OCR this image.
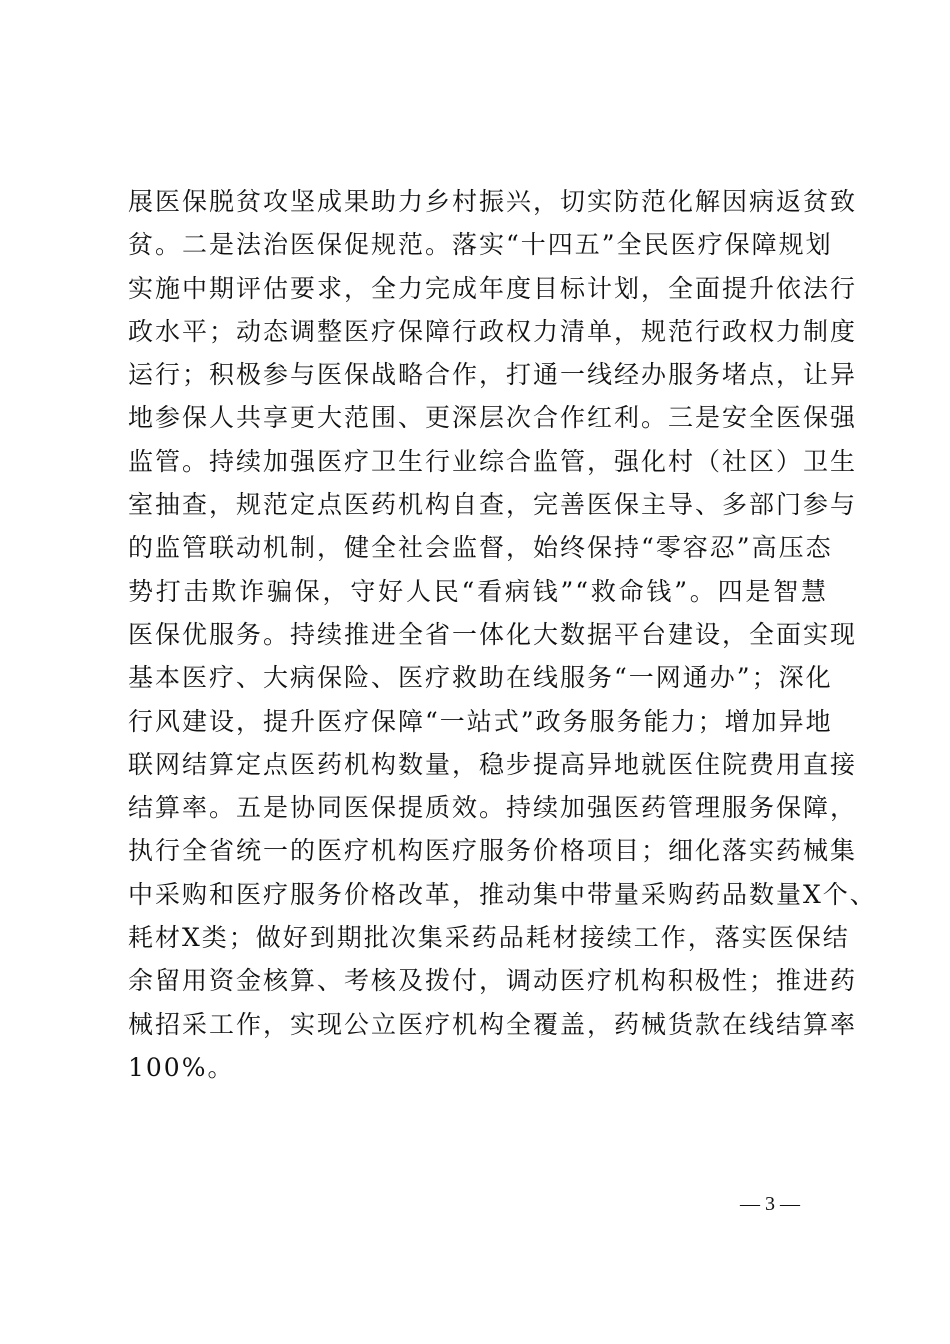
展医保脱贫攻坚成果助力乡村振兴，切实防范化解因病返贫致
贫。二是法治医保促规范。落实“十四五”全民医疗保障规划
实施中期评估要求，全力完成年度目标计划，全面提升依法行
政水平；动态调整医疗保障行政权力清单，规范行政权力制度
运行；积极参与医保战略合作，打通一线经办服务堵点，让异
地参保人共享更大范围、更深层次合作红利。三是安全医保强
监管。持续加强医疗卫生行业综合监管，强化村（社区）卫生
室抽查，规范定点医药机构自查，完善医保主导、多部门参与
的监管联动机制，健全社会监督，始终保持“零容忍”高压态
势打击欺诈骗保，守好人民“看病钱”“救命钱”。四是智慧
医保优服务。持续推进全省一体化大数据平台建设，全面实现
基本医疗、大病保险、医疗救助在线服务“一网通办”；深化
行风建设，提升医疗保障“一站式”政务服务能力；增加异地
联网结算定点医药机构数量，稳步提高异地就医住院费用直接
结算率。五是协同医保提质效。持续加强医药管理服务保障，
执行全省统一的医疗机构医疗服务价格项目；细化落实药械集
中采购和医疗服务价格改革，推动集中带量采购药品数量X个、
耗材X类；做好到期批次集采药品耗材接续工作，落实医保结
余留用资金核算、考核及拨付，调动医疗机构积极性；推进药
械招采工作，实现公立医疗机构全覆盖，药械货款在线结算率
100%。
— 3 —
